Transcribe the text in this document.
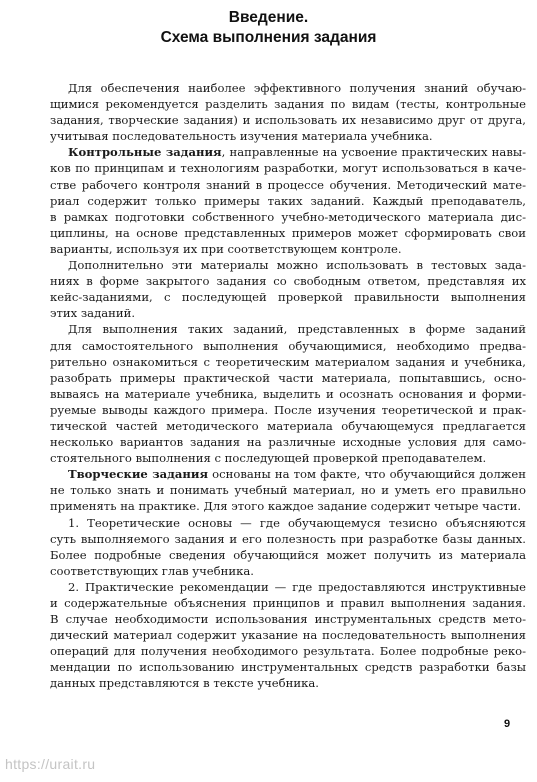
Введение.
Схема выполнения задания
Для обеспечения наиболее эффективного получения знаний обучаю-
щимися рекомендуется разделить задания по видам (тесты, контрольные
задания, творческие задания) и использовать их независимо друг от друга,
учитывая последовательность изучения материала учебника.
Контрольные задания, направленные на усвоение практических навы-
ков по принципам и технологиям разработки, могут использоваться в каче-
стве рабочего контроля знаний в процессе обучения. Методический мате-
риал содержит только примеры таких заданий. Каждый преподаватель,
в рамках подготовки собственного учебно-методического материала дис-
циплины, на основе представленных примеров может сформировать свои
варианты, используя их при соответствующем контроле.
Дополнительно эти материалы можно использовать в тестовых зада-
ниях в форме закрытого задания со свободным ответом, представляя их
кейс-заданиями, с последующей проверкой правильности выполнения
этих заданий.
Для выполнения таких заданий, представленных в форме заданий
для самостоятельного выполнения обучающимися, необходимо предва-
рительно ознакомиться с теоретическим материалом задания и учебника,
разобрать примеры практической части материала, попытавшись, осно-
вываясь на материале учебника, выделить и осознать основания и форми-
руемые выводы каждого примера. После изучения теоретической и прак-
тической частей методического материала обучающемуся предлагается
несколько вариантов задания на различные исходные условия для само-
стоятельного выполнения с последующей проверкой преподавателем.
Творческие задания основаны на том факте, что обучающийся должен
не только знать и понимать учебный материал, но и уметь его правильно
применять на практике. Для этого каждое задание содержит четыре части.
1. Теоретические основы — где обучающемуся тезисно объясняются
суть выполняемого задания и его полезность при разработке базы данных.
Более подробные сведения обучающийся может получить из материала
соответствующих глав учебника.
2. Практические рекомендации — где предоставляются инструктивные
и содержательные объяснения принципов и правил выполнения задания.
В случае необходимости использования инструментальных средств мето-
дический материал содержит указание на последовательность выполнения
операций для получения необходимого результата. Более подробные реко-
мендации по использованию инструментальных средств разработки базы
данных представляются в тексте учебника.
9
https://urait.ru
